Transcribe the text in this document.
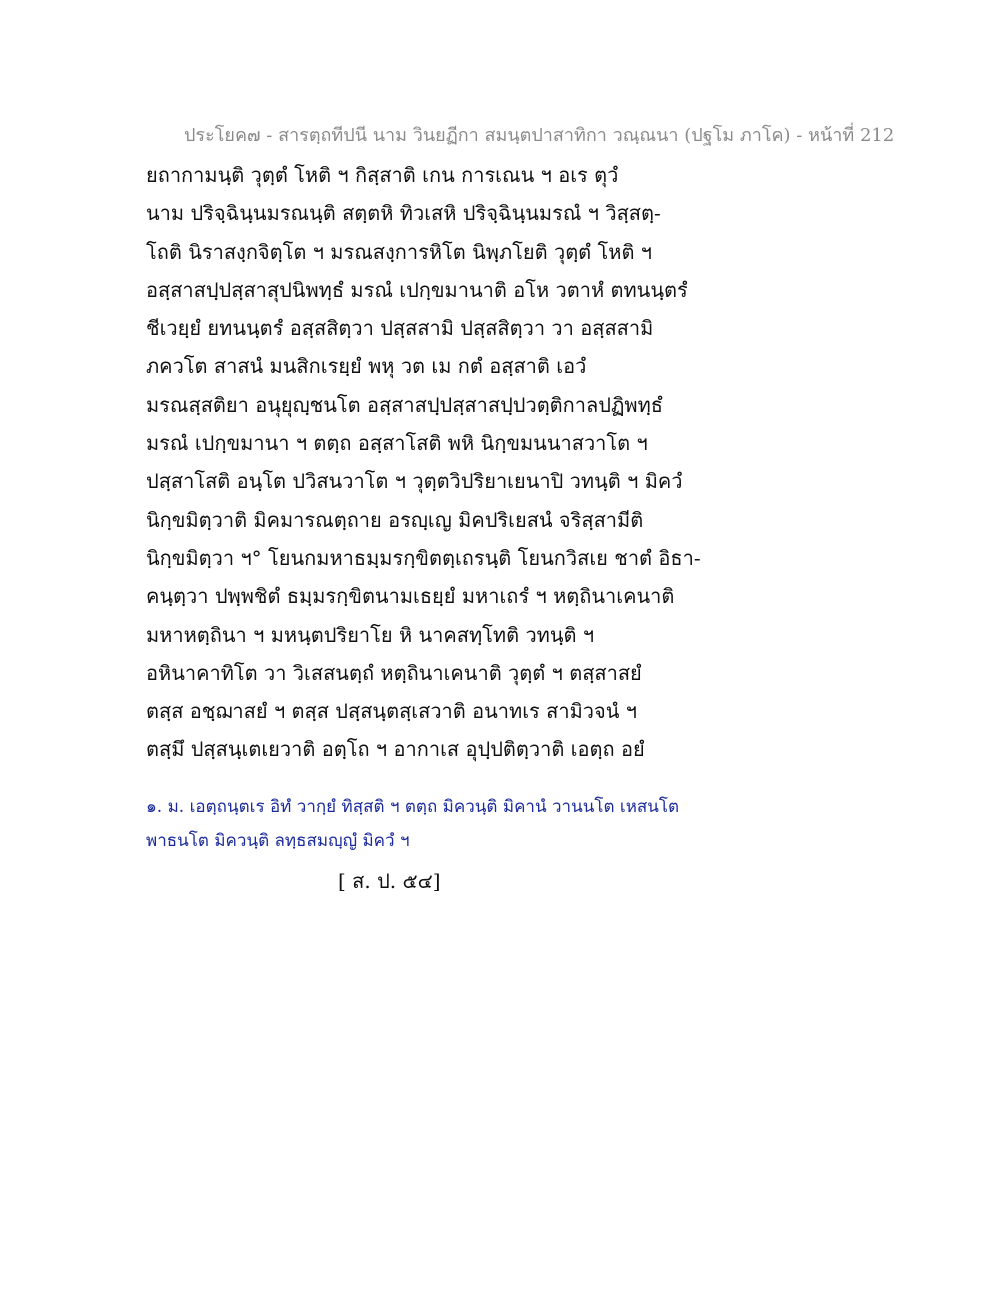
ประโยค๗ - สารตฺถทีปนี นาม วินยฏีกา สมนฺตปาสาทิกา วณฺณนา (ปฐโม ภาโค) - หน้าที่ 212
ยถากามนฺติ วุตฺตํ โหติ ฯ กิสฺสาติ เกน การเณน ฯ อเร ตุวํ
นาม ปริจฺฉินฺนมรณนฺติ สตฺตหิ ทิวเสหิ ปริจฺฉินฺนมรณํ ฯ วิสฺสตฺ-
โถติ นิราสงฺกจิตฺโต ฯ มรณสงฺการหิโต นิพฺภโยติ วุตฺตํ โหติ ฯ
อสฺสาสปฺปสฺสาสุปนิพทฺธํ มรณํ เปกฺขมานาติ อโห วตาหํ ตทนนฺตรํ
ชีเวยฺยํ ยทนนฺตรํ อสฺสสิตฺวา ปสฺสสามิ ปสฺสสิตฺวา วา อสฺสสามิ
ภควโต สาสนํ มนสิกเรยฺยํ พหุ วต เม กตํ อสฺสาติ เอวํ
มรณสฺสติยา อนุยุญฺชนโต อสฺสาสปฺปสฺสาสปฺปวตฺติกาลปฏิพทฺธํ
มรณํ เปกฺขมานา ฯ ตตฺถ อสฺสาโสติ พหิ นิกฺขมนนาสวาโต ฯ
ปสฺสาโสติ อนฺโต ปวิสนวาโต ฯ วุตฺตวิปริยาเยนาปิ วทนฺติ ฯ มิควํ
นิกฺขมิตฺวาติ มิคมารณตฺถาย อรญฺเญ มิคปริเยสนํ จริสฺสามีติ
นิกฺขมิตฺวา ฯ° โยนกมหาธมฺมรกฺขิตตฺเถรนฺติ โยนกวิสเย ชาตํ อิธา-
คนฺตฺวา ปพฺพชิตํ ธมฺมรกฺขิตนามเธยฺยํ มหาเถรํ ฯ หตฺถินาเคนาติ
มหาหตฺถินา ฯ มหนฺตปริยาโย หิ นาคสทฺโทติ วทนฺติ ฯ
อหินาคาทิโต วา วิเสสนตฺถํ หตฺถินาเคนาติ วุตฺตํ ฯ ตสฺสาสยํ
ตสฺส อชฺฌาสยํ ฯ ตสฺส ปสฺสนฺตสฺเสวาติ อนาทเร สามิวจนํ ฯ
ตสฺมึ ปสฺสนฺเตเยวาติ อตฺโถ ฯ อากาเส อุปฺปติตฺวาติ เอตฺถ อยํ
๑. ม. เอตฺถนฺตเร อิทํ วากฺยํ ทิสฺสติ ฯ ตตฺถ มิควนฺติ มิคานํ วานนโต เหสนโต
พาธนโต มิควนฺติ ลทฺธสมญฺญํ มิควํ ฯ
[ ส. ป. ๕๔]
